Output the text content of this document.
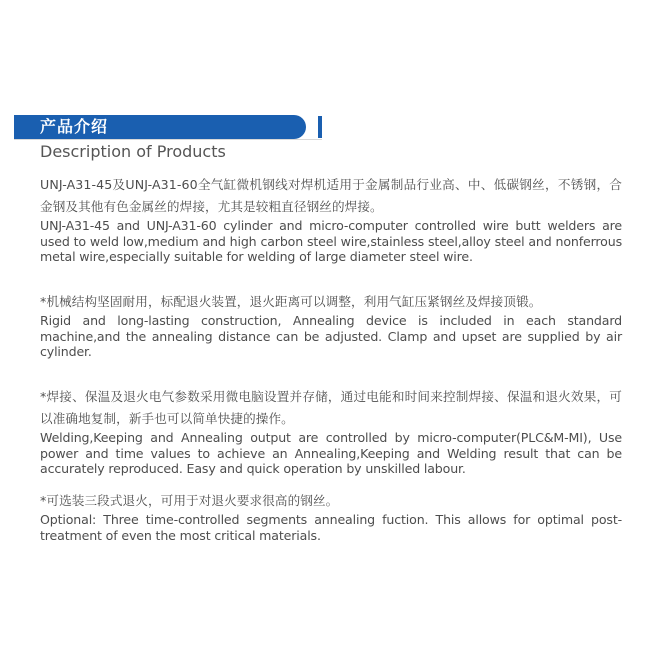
产品介绍
Description of Products

UNJ-A31-45及UNJ-A31-60全气缸微机钢线对焊机适用于金属制品行业高、中、低碳钢丝，不锈钢，合金钢及其他有色金属丝的焊接，尤其是较粗直径钢丝的焊接。

UNJ-A31-45 and UNJ-A31-60 cylinder and micro-computer controlled wire butt welders are used to weld low,medium and high carbon steel wire,stainless steel,alloy steel and nonferrous metal wire,especially suitable for welding of large diameter steel wire.

*机械结构坚固耐用，标配退火装置，退火距离可以调整，利用气缸压紧钢丝及焊接顶锻。

Rigid and long-lasting construction, Annealing device is included in each standard machine,and the annealing distance can be adjusted. Clamp and upset are supplied by air cylinder.

*焊接、保温及退火电气参数采用微电脑设置并存储，通过电能和时间来控制焊接、保温和退火效果，可以准确地复制，新手也可以简单快捷的操作。

Welding,Keeping and Annealing output are controlled by micro-computer(PLC&M-MI), Use power and time values to achieve an Annealing,Keeping and Welding result that can be accurately reproduced. Easy and quick operation by unskilled labour.

*可选装三段式退火，可用于对退火要求很高的钢丝。

Optional: Three time-controlled segments annealing fuction. This allows for optimal post-treatment of even the most critical materials.
